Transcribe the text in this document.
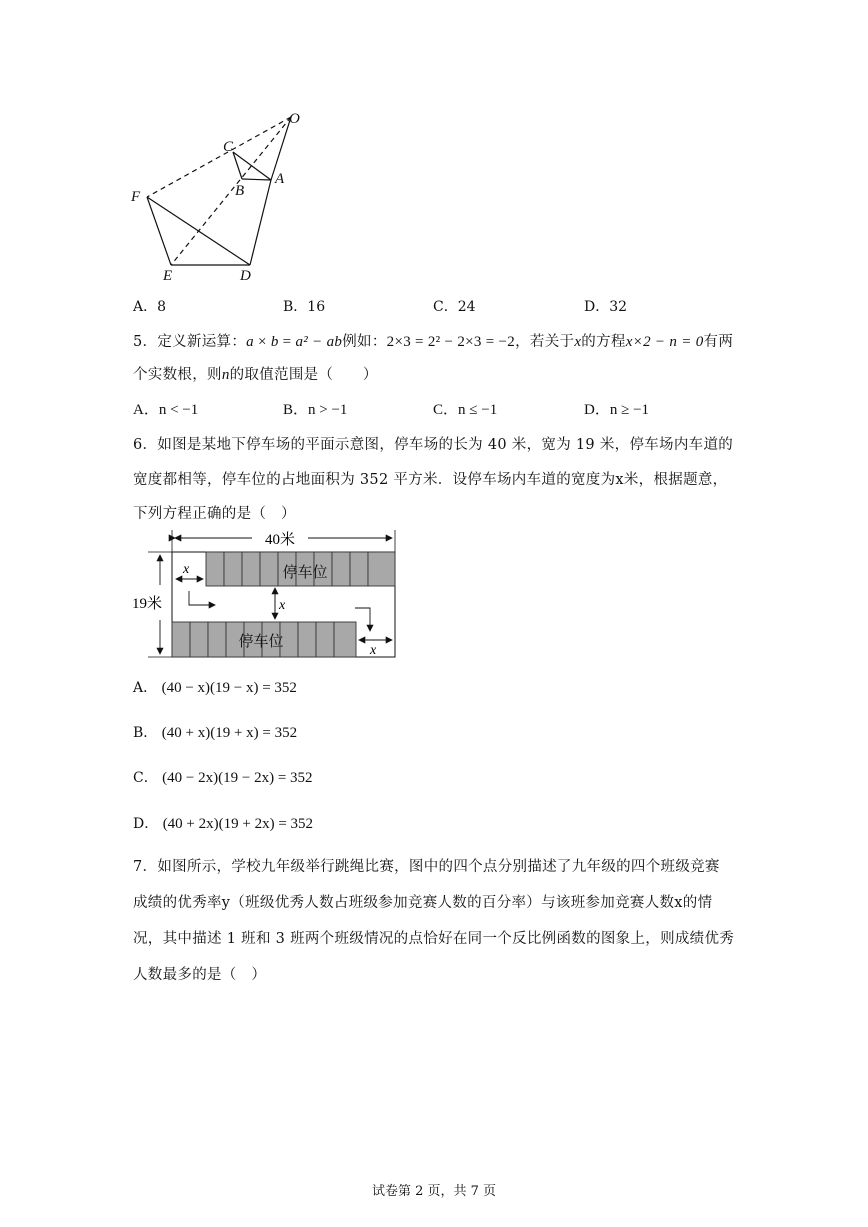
O
C
A
B
F
E	D
A．8	B．16	C．24	D．32
5．定义新运算：a × b = a² − ab例如：2×3 = 2² − 2×3 = −2，若关于x的方程x×2 − n = 0有两
个实数根，则n的取值范围是（　　）
A．n < −1	B．n > −1	C．n ≤ −1	D．n ≥ −1
6．如图是某地下停车场的平面示意图，停车场的长为 40 米，宽为 19 米，停车场内车道的
宽度都相等，停车位的占地面积为 352 平方米．设停车场内车道的宽度为x米，根据题意，
下列方程正确的是（　）
40米
19米
停车位
停车位
x
x
x
A． (40 − x)(19 − x) = 352
B． (40 + x)(19 + x) = 352
C． (40 − 2x)(19 − 2x) = 352
D． (40 + 2x)(19 + 2x) = 352
7．如图所示，学校九年级举行跳绳比赛，图中的四个点分别描述了九年级的四个班级竞赛
成绩的优秀率y（班级优秀人数占班级参加竞赛人数的百分率）与该班参加竞赛人数x的情
况，其中描述 1 班和 3 班两个班级情况的点恰好在同一个反比例函数的图象上，则成绩优秀
人数最多的是（　）
试卷第 2 页，共 7 页
